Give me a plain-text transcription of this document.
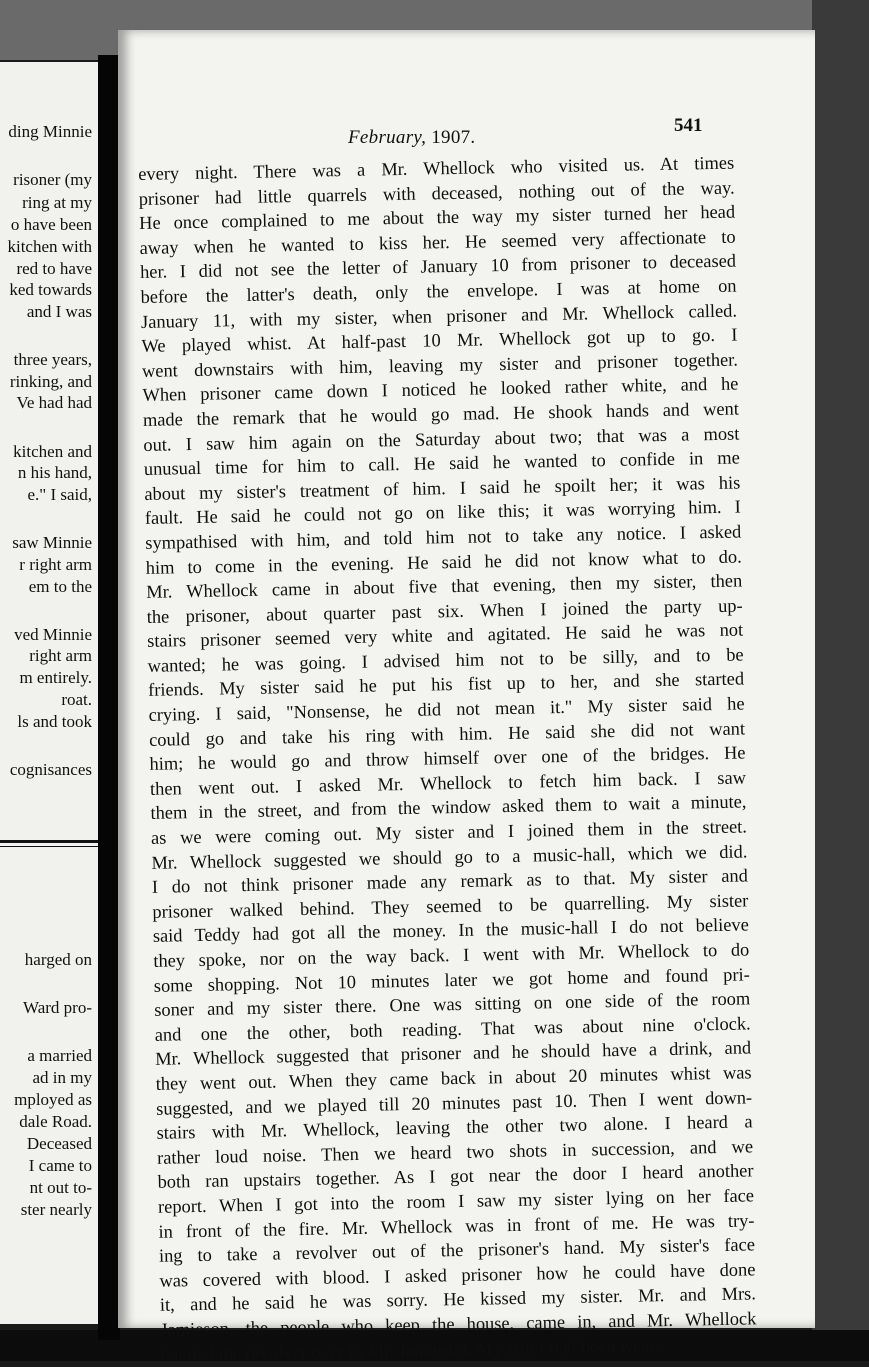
ding Minnie
risoner (my
ring at my
o have been
kitchen with
red to have
ked towards
and I was
three years,
rinking, and
Ve had had
kitchen and
n his hand,
e." I said,
saw Minnie
r right arm
em to the
ved Minnie
right arm
m entirely.
roat.
ls and took
cognisances
harged on
Ward pro-
a married
ad in my
mployed as
dale Road.
Deceased
I came to
nt out to-
ster nearly
February, 1907.
541
every night. There was a Mr. Whellock who visited us. At times
prisoner had little quarrels with deceased, nothing out of the way.
He once complained to me about the way my sister turned her head
away when he wanted to kiss her. He seemed very affectionate to
her. I did not see the letter of January 10 from prisoner to deceased
before the latter's death, only the envelope. I was at home on
January 11, with my sister, when prisoner and Mr. Whellock called.
We played whist. At half-past 10 Mr. Whellock got up to go. I
went downstairs with him, leaving my sister and prisoner together.
When prisoner came down I noticed he looked rather white, and he
made the remark that he would go mad. He shook hands and went
out. I saw him again on the Saturday about two; that was a most
unusual time for him to call. He said he wanted to confide in me
about my sister's treatment of him. I said he spoilt her; it was his
fault. He said he could not go on like this; it was worrying him. I
sympathised with him, and told him not to take any notice. I asked
him to come in the evening. He said he did not know what to do.
Mr. Whellock came in about five that evening, then my sister, then
the prisoner, about quarter past six. When I joined the party up-
stairs prisoner seemed very white and agitated. He said he was not
wanted; he was going. I advised him not to be silly, and to be
friends. My sister said he put his fist up to her, and she started
crying. I said, "Nonsense, he did not mean it." My sister said he
could go and take his ring with him. He said she did not want
him; he would go and throw himself over one of the bridges. He
then went out. I asked Mr. Whellock to fetch him back. I saw
them in the street, and from the window asked them to wait a minute,
as we were coming out. My sister and I joined them in the street.
Mr. Whellock suggested we should go to a music-hall, which we did.
I do not think prisoner made any remark as to that. My sister and
prisoner walked behind. They seemed to be quarrelling. My sister
said Teddy had got all the money. In the music-hall I do not believe
they spoke, nor on the way back. I went with Mr. Whellock to do
some shopping. Not 10 minutes later we got home and found pri-
soner and my sister there. One was sitting on one side of the room
and one the other, both reading. That was about nine o'clock.
Mr. Whellock suggested that prisoner and he should have a drink, and
they went out. When they came back in about 20 minutes whist was
suggested, and we played till 20 minutes past 10. Then I went down-
stairs with Mr. Whellock, leaving the other two alone. I heard a
rather loud noise. Then we heard two shots in succession, and we
both ran upstairs together. As I got near the door I heard another
report. When I got into the room I saw my sister lying on her face
in front of the fire. Mr. Whellock was in front of me. He was try-
ing to take a revolver out of the prisoner's hand. My sister's face
was covered with blood. I asked prisoner how he could have done
it, and he said he was sorry. He kissed my sister. Mr. and Mrs.
Jamieson, the people who keep the house, came in, and Mr. Whellock
handed the revolver over to Mr. Jamieson. My sister had been wear-
